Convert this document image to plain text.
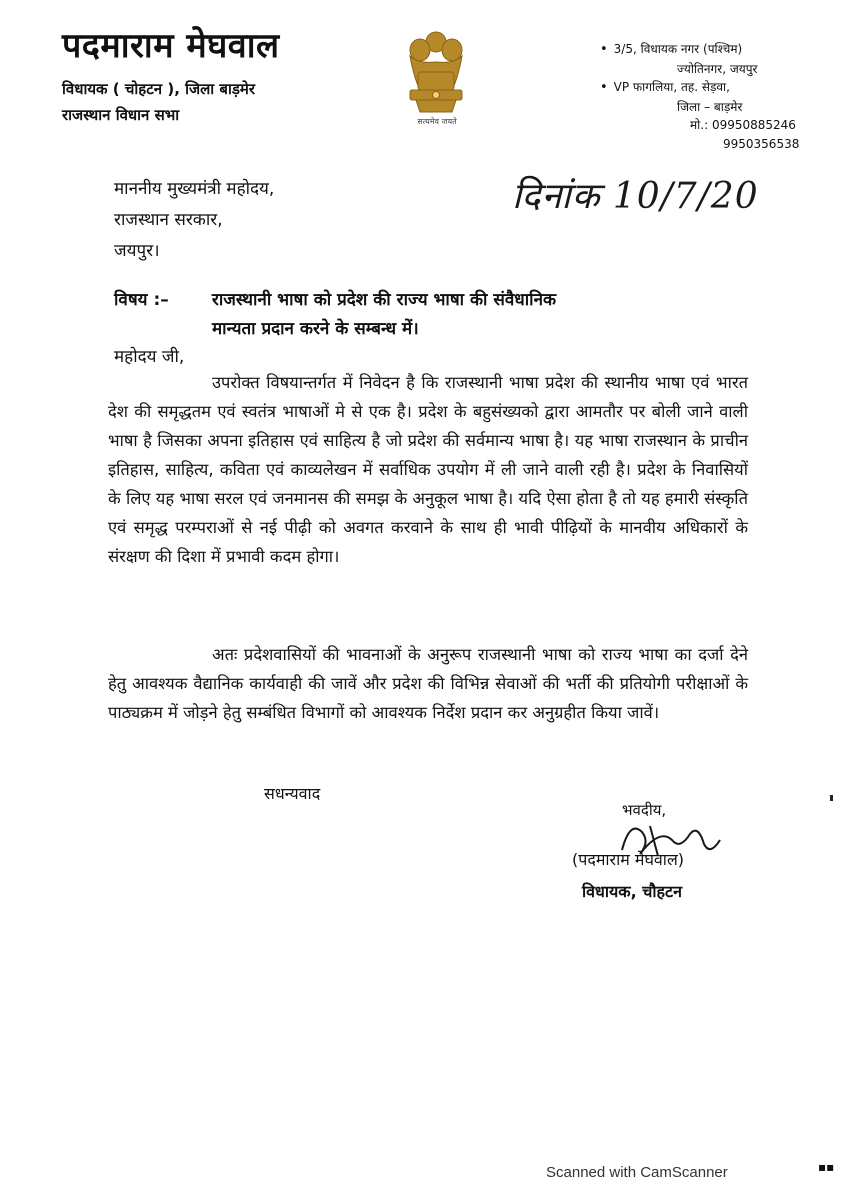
पदमाराम मेघवाल
विधायक ( चोहटन ), जिला बाड़मेर
राजस्थान विधान सभा	सत्यमेव जयते
• 3/5, विधायक नगर (पश्चिम)
ज्योतिनगर, जयपुर
• VP फागलिया, तह. सेड़वा,
जिला – बाड़मेर
मो.: 09950885246
9950356538
माननीय मुख्यमंत्री महोदय,
राजस्थान सरकार,
जयपुर।
दिनांक 10/7/20
विषय :–	राजस्थानी भाषा को प्रदेश की राज्य भाषा की संवैधानिक
मान्यता प्रदान करने के सम्बन्ध में।
महोदय जी,
उपरोक्त विषयान्तर्गत में निवेदन है कि राजस्थानी भाषा प्रदेश की स्थानीय भाषा एवं भारत देश की समृद्धतम एवं स्वतंत्र भाषाओं मे से एक है। प्रदेश के बहुसंख्यको द्वारा आमतौर पर बोली जाने वाली भाषा है जिसका अपना इतिहास एवं साहित्य है जो प्रदेश की सर्वमान्य भाषा है। यह भाषा राजस्थान के प्राचीन इतिहास, साहित्य, कविता एवं काव्यलेखन में सर्वाधिक उपयोग में ली जाने वाली रही है। प्रदेश के निवासियों के लिए यह भाषा सरल एवं जनमानस की समझ के अनुकूल भाषा है। यदि ऐसा होता है तो यह हमारी संस्कृति एवं समृद्ध परम्पराओं से नई पीढ़ी को अवगत करवाने के साथ ही भावी पीढ़ियों के मानवीय अधिकारों के संरक्षण की दिशा में प्रभावी कदम होगा।
अतः प्रदेशवासियों की भावनाओं के अनुरूप राजस्थानी भाषा को राज्य भाषा का दर्जा देने हेतु आवश्यक वैद्यानिक कार्यवाही की जावें और प्रदेश की विभिन्न सेवाओं की भर्ती की प्रतियोगी परीक्षाओं के पाठ्यक्रम में जोड़ने हेतु सम्बंधित विभागों को आवश्यक निर्देश प्रदान कर अनुग्रहीत किया जावें।
सधन्यवाद
भवदीय,
(पदमाराम मेघवाल)
विधायक, चौहटन
Scanned with CamScanner	▪▪
